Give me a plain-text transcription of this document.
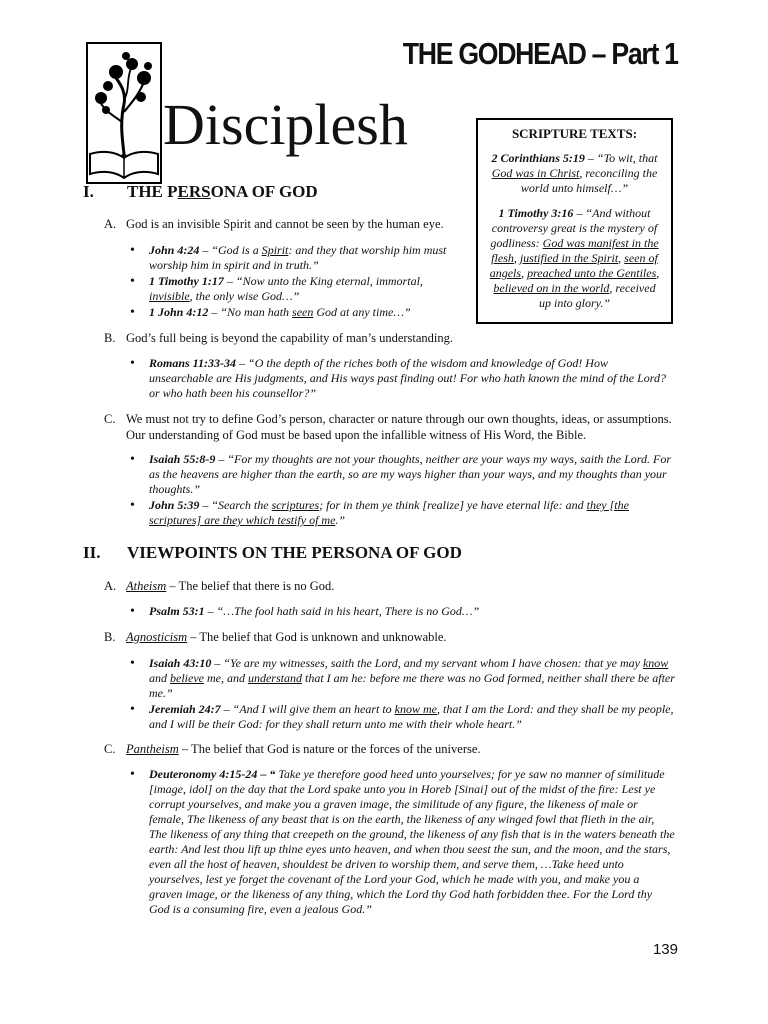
Disciplesh
THE GODHEAD – Part 1
SCRIPTURE TEXTS:

2 Corinthians 5:19 – “To wit, that God was in Christ, reconciling the world unto himself…”

1 Timothy 3:16 – “And without controversy great is the mystery of godliness: God was manifest in the flesh, justified in the Spirit, seen of angels, preached unto the Gentiles, believed on in the world, received up into glory.”

I. THE PERSONA OF GOD
A. God is an invisible Spirit and cannot be seen by the human eye.
• John 4:24 – “God is a Spirit: and they that worship him must worship him in spirit and in truth.”
• 1 Timothy 1:17 – “Now unto the King eternal, immortal, invisible, the only wise God…”
• 1 John 4:12 – “No man hath seen God at any time…”
B. God’s full being is beyond the capability of man’s understanding.
• Romans 11:33-34 – “O the depth of the riches both of the wisdom and knowledge of God! How unsearchable are His judgments, and His ways past finding out! For who hath known the mind of the Lord? or who hath been his counsellor?”
C. We must not try to define God’s person, character or nature through our own thoughts, ideas, or assumptions. Our understanding of God must be based upon the infallible witness of His Word, the Bible.
• Isaiah 55:8-9 – “For my thoughts are not your thoughts, neither are your ways my ways, saith the Lord. For as the heavens are higher than the earth, so are my ways higher than your ways, and my thoughts than your thoughts.”
• John 5:39 – “Search the scriptures; for in them ye think [realize] ye have eternal life: and they [the scriptures] are they which testify of me.”
II. VIEWPOINTS ON THE PERSONA OF GOD
A. Atheism – The belief that there is no God.
• Psalm 53:1 – “…The fool hath said in his heart, There is no God…”
B. Agnosticism – The belief that God is unknown and unknowable.
• Isaiah 43:10 – “Ye are my witnesses, saith the Lord, and my servant whom I have chosen: that ye may know and believe me, and understand that I am he: before me there was no God formed, neither shall there be after me.”
• Jeremiah 24:7 – “And I will give them an heart to know me, that I am the Lord: and they shall be my people, and I will be their God: for they shall return unto me with their whole heart.”
C. Pantheism – The belief that God is nature or the forces of the universe.
• Deuteronomy 4:15-24 – “ Take ye therefore good heed unto yourselves; for ye saw no manner of similitude [image, idol] on the day that the Lord spake unto you in Horeb [Sinai] out of the midst of the fire: Lest ye corrupt yourselves, and make you a graven image, the similitude of any figure, the likeness of male or female, The likeness of any beast that is on the earth, the likeness of any winged fowl that flieth in the air, The likeness of any thing that creepeth on the ground, the likeness of any fish that is in the waters beneath the earth: And lest thou lift up thine eyes unto heaven, and when thou seest the sun, and the moon, and the stars, even all the host of heaven, shouldest be driven to worship them, and serve them, …Take heed unto yourselves, lest ye forget the covenant of the Lord your God, which he made with you, and make you a graven image, or the likeness of any thing, which the Lord thy God hath forbidden thee. For the Lord thy God is a consuming fire, even a jealous God.”
139
